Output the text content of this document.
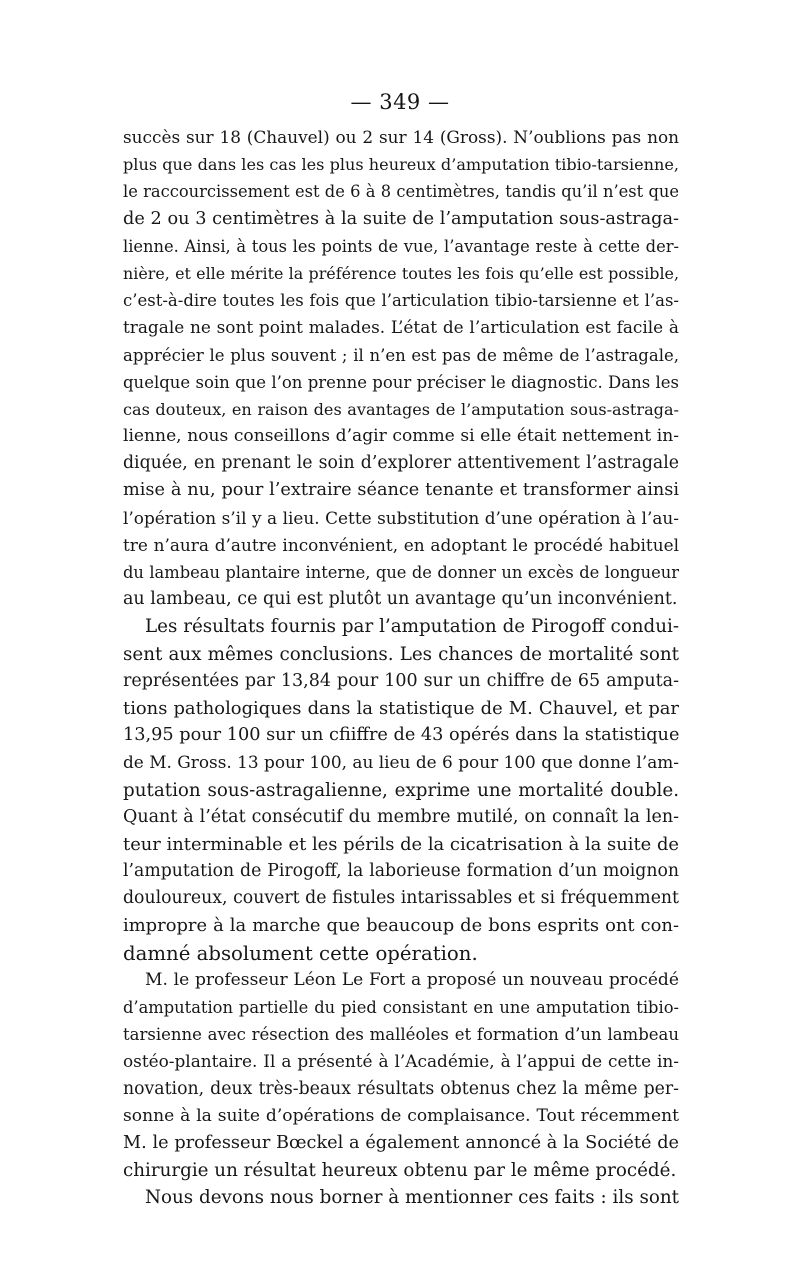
— 349 —
succès sur 18 (Chauvel) ou 2 sur 14 (Gross). N’oublions pas non
plus que dans les cas les plus heureux d’amputation tibio-tarsienne,
le raccourcissement est de 6 à 8 centimètres, tandis qu’il n’est que
de 2 ou 3 centimètres à la suite de l’amputation sous-astraga-
lienne. Ainsi, à tous les points de vue, l’avantage reste à cette der-
nière, et elle mérite la préférence toutes les fois qu’elle est possible,
c’est-à-dire toutes les fois que l’articulation tibio-tarsienne et l’as-
tragale ne sont point malades. L’état de l’articulation est facile à
apprécier le plus souvent ; il n’en est pas de même de l’astragale,
quelque soin que l’on prenne pour préciser le diagnostic. Dans les
cas douteux, en raison des avantages de l’amputation sous-astraga-
lienne, nous conseillons d’agir comme si elle était nettement in-
diquée, en prenant le soin d’explorer attentivement l’astragale
mise à nu, pour l’extraire séance tenante et transformer ainsi
l’opération s’il y a lieu. Cette substitution d’une opération à l’au-
tre n’aura d’autre inconvénient, en adoptant le procédé habituel
du lambeau plantaire interne, que de donner un excès de longueur
au lambeau, ce qui est plutôt un avantage qu’un inconvénient.
Les résultats fournis par l’amputation de Pirogoff condui-
sent aux mêmes conclusions. Les chances de mortalité sont
représentées par 13,84 pour 100 sur un chiffre de 65 amputa-
tions pathologiques dans la statistique de M. Chauvel, et par
13,95 pour 100 sur un cfiiffre de 43 opérés dans la statistique
de M. Gross. 13 pour 100, au lieu de 6 pour 100 que donne l’am-
putation sous-astragalienne, exprime une mortalité double.
Quant à l’état consécutif du membre mutilé, on connaît la len-
teur interminable et les périls de la cicatrisation à la suite de
l’amputation de Pirogoff, la laborieuse formation d’un moignon
douloureux, couvert de fistules intarissables et si fréquemment
impropre à la marche que beaucoup de bons esprits ont con-
damné absolument cette opération.
M. le professeur Léon Le Fort a proposé un nouveau procédé
d’amputation partielle du pied consistant en une amputation tibio-
tarsienne avec résection des malléoles et formation d’un lambeau
ostéo-plantaire. Il a présenté à l’Académie, à l’appui de cette in-
novation, deux très-beaux résultats obtenus chez la même per-
sonne à la suite d’opérations de complaisance. Tout récemment
M. le professeur Bœckel a également annoncé à la Société de
chirurgie un résultat heureux obtenu par le même procédé.
Nous devons nous borner à mentionner ces faits : ils sont
